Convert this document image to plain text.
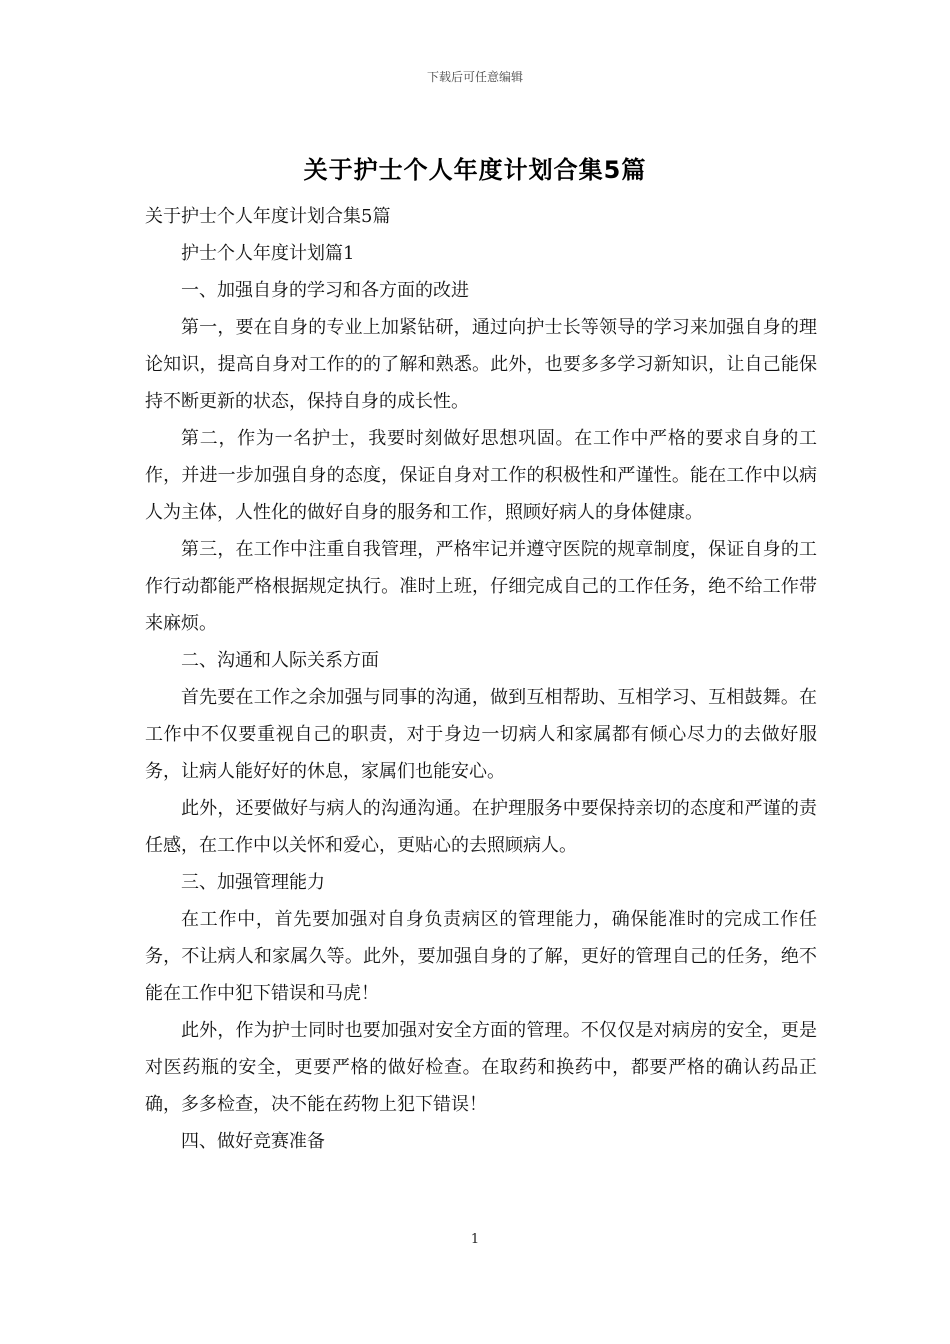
下载后可任意编辑
关于护士个人年度计划合集5篇

关于护士个人年度计划合集5篇

护士个人年度计划篇1

一、加强自身的学习和各方面的改进

第一，要在自身的专业上加紧钻研，通过向护士长等领导的学习来加强自身的理论知识，提高自身对工作的的了解和熟悉。此外，也要多多学习新知识，让自己能保持不断更新的状态，保持自身的成长性。

第二，作为一名护士，我要时刻做好思想巩固。在工作中严格的要求自身的工作，并进一步加强自身的态度，保证自身对工作的积极性和严谨性。能在工作中以病人为主体，人性化的做好自身的服务和工作，照顾好病人的身体健康。

第三，在工作中注重自我管理，严格牢记并遵守医院的规章制度，保证自身的工作行动都能严格根据规定执行。准时上班，仔细完成自己的工作任务，绝不给工作带来麻烦。

二、沟通和人际关系方面

首先要在工作之余加强与同事的沟通，做到互相帮助、互相学习、互相鼓舞。在工作中不仅要重视自己的职责，对于身边一切病人和家属都有倾心尽力的去做好服务，让病人能好好的休息，家属们也能安心。

此外，还要做好与病人的沟通沟通。在护理服务中要保持亲切的态度和严谨的责任感，在工作中以关怀和爱心，更贴心的去照顾病人。

三、加强管理能力

在工作中，首先要加强对自身负责病区的管理能力，确保能准时的完成工作任务，不让病人和家属久等。此外，要加强自身的了解，更好的管理自己的任务，绝不能在工作中犯下错误和马虎！

此外，作为护士同时也要加强对安全方面的管理。不仅仅是对病房的安全，更是对医药瓶的安全，更要严格的做好检查。在取药和换药中，都要严格的确认药品正确，多多检查，决不能在药物上犯下错误！

四、做好竞赛准备

1
